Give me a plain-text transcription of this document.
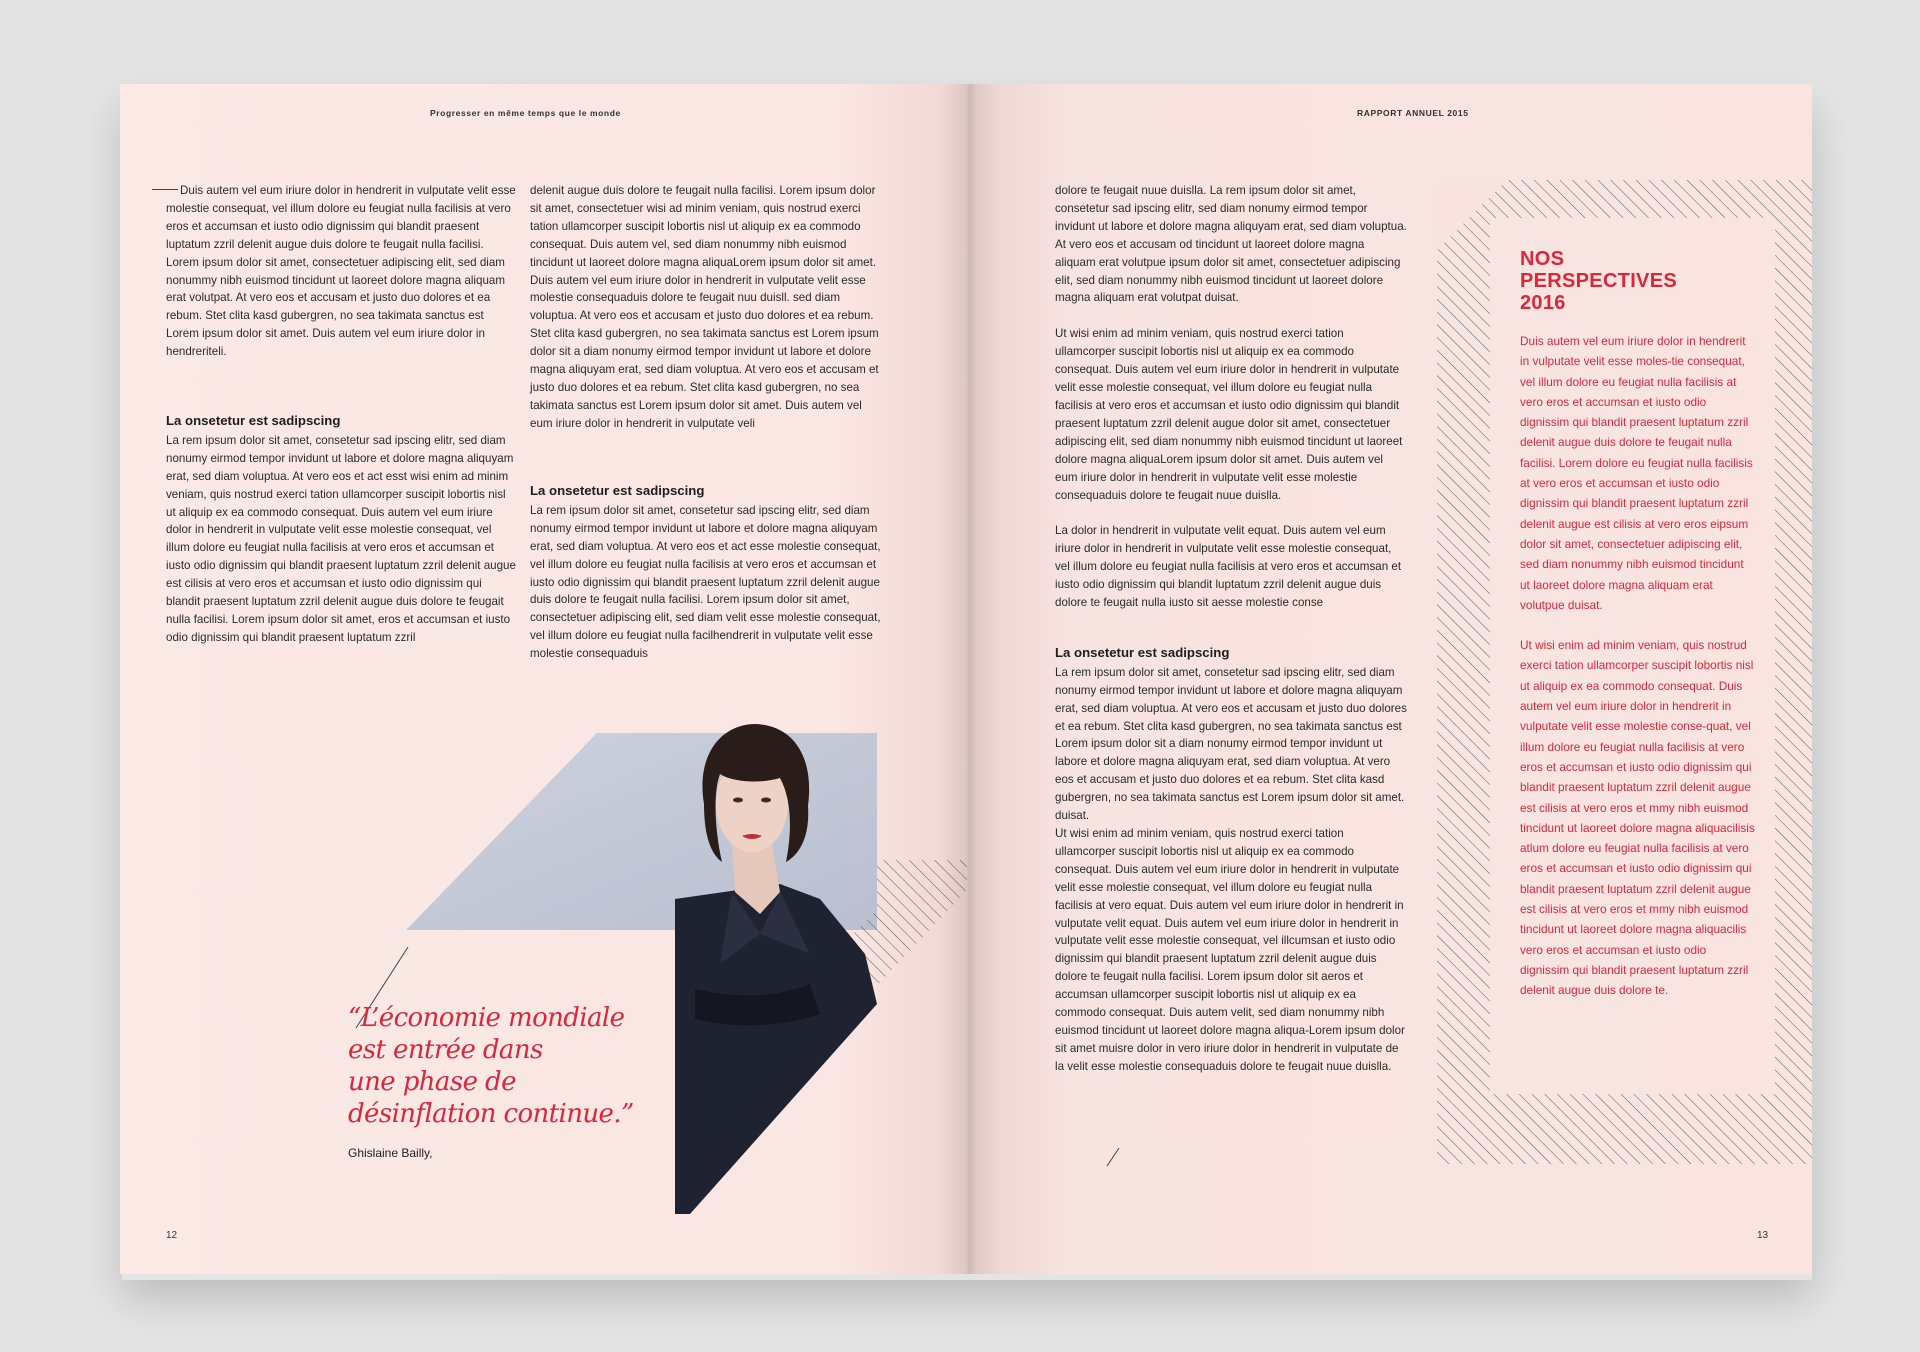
Progresser en même temps que le monde
Duis autem vel eum iriure dolor in hendrerit in vulputate velit esse molestie consequat, vel illum dolore eu feugiat nulla facilisis at vero eros et accumsan et iusto odio dignissim qui blandit praesent luptatum zzril delenit augue duis dolore te feugait nulla facilisi. Lorem ipsum dolor sit amet, consectetuer adipiscing elit, sed diam nonummy nibh euismod tincidunt ut laoreet dolore magna aliquam erat volutpat. At vero eos et accusam et justo duo dolores et ea rebum. Stet clita kasd gubergren, no sea takimata sanctus est Lorem ipsum dolor sit amet. Duis autem vel eum iriure dolor in hendreriteli.
La onsetetur est sadipscing
La rem ipsum dolor sit amet, consetetur sad ipscing elitr, sed diam nonumy eirmod tempor invidunt ut labore et dolore magna aliquyam erat, sed diam voluptua. At vero eos et act esst wisi enim ad minim veniam, quis nostrud exerci tation ullamcorper suscipit lobortis nisl ut aliquip ex ea commodo consequat. Duis autem vel eum iriure dolor in hendrerit in vulputate velit esse molestie consequat, vel illum dolore eu feugiat nulla facilisis at vero eros et accumsan et iusto odio dignissim qui blandit praesent luptatum zzril delenit augue est cilisis at vero eros et accumsan et iusto odio dignissim qui blandit praesent luptatum zzril delenit augue duis dolore te feugait nulla facilisi. Lorem ipsum dolor sit amet, eros et accumsan et iusto odio dignissim qui blandit praesent luptatum zzril
delenit augue duis dolore te feugait nulla facilisi. Lorem ipsum dolor sit amet, consectetuer wisi ad minim veniam, quis nostrud exerci tation ullamcorper suscipit lobortis nisl ut aliquip ex ea commodo consequat. Duis autem vel, sed diam nonummy nibh euismod tincidunt ut laoreet dolore magna aliquaLorem ipsum dolor sit amet. Duis autem vel eum iriure dolor in hendrerit in vulputate velit esse molestie consequaduis dolore te feugait nuu duisll. sed diam voluptua. At vero eos et accusam et justo duo dolores et ea rebum. Stet clita kasd gubergren, no sea takimata sanctus est Lorem ipsum dolor sit a diam nonumy eirmod tempor invidunt ut labore et dolore magna aliquyam erat, sed diam voluptua. At vero eos et accusam et justo duo dolores et ea rebum. Stet clita kasd gubergren, no sea takimata sanctus est Lorem ipsum dolor sit amet. Duis autem vel eum iriure dolor in hendrerit in vulputate veli
La onsetetur est sadipscing
La rem ipsum dolor sit amet, consetetur sad ipscing elitr, sed diam nonumy eirmod tempor invidunt ut labore et dolore magna aliquyam erat, sed diam voluptua. At vero eos et act esse molestie consequat, vel illum dolore eu feugiat nulla facilisis at vero eros et accumsan et iusto odio dignissim qui blandit praesent luptatum zzril delenit augue duis dolore te feugait nulla facilisi. Lorem ipsum dolor sit amet, consectetuer adipiscing elit, sed diam velit esse molestie consequat, vel illum dolore eu feugiat nulla facilhendrerit in vulputate velit esse molestie consequaduis
“L’économie mondiale
est entrée dans
une phase de
désinflation continue.”
Ghislaine Bailly,
12
RAPPORT ANNUEL 2015

dolore te feugait nuue duislla. La rem ipsum dolor sit amet, consetetur sad ipscing elitr, sed diam nonumy eirmod tempor invidunt ut labore et dolore magna aliquyam erat, sed diam voluptua. At vero eos et accusam od tincidunt ut laoreet dolore magna aliquam erat volutpue ipsum dolor sit amet, consectetuer adipiscing elit, sed diam nonummy nibh euismod tincidunt ut laoreet dolore magna aliquam erat volutpat duisat.

Ut wisi enim ad minim veniam, quis nostrud exerci tation ullamcorper suscipit lobortis nisl ut aliquip ex ea commodo consequat. Duis autem vel eum iriure dolor in hendrerit in vulputate velit esse molestie consequat, vel illum dolore eu feugiat nulla facilisis at vero eros et accumsan et iusto odio dignissim qui blandit praesent luptatum zzril delenit augue dolor sit amet, consectetuer adipiscing elit, sed diam nonummy nibh euismod tincidunt ut laoreet dolore magna aliquaLorem ipsum dolor sit amet. Duis autem vel eum iriure dolor in hendrerit in vulputate velit esse molestie consequaduis dolore te feugait nuue duislla.

La dolor in hendrerit in vulputate velit equat. Duis autem vel eum iriure dolor in hendrerit in vulputate velit esse molestie consequat, vel illum dolore eu feugiat nulla facilisis at vero eros et accumsan et iusto odio dignissim qui blandit luptatum zzril delenit augue duis dolore te feugait nulla iusto sit aesse molestie conse

La onsetetur est sadipscing
La rem ipsum dolor sit amet, consetetur sad ipscing elitr, sed diam nonumy eirmod tempor invidunt ut labore et dolore magna aliquyam erat, sed diam voluptua. At vero eos et accusam et justo duo dolores et ea rebum. Stet clita kasd gubergren, no sea takimata sanctus est Lorem ipsum dolor sit a diam nonumy eirmod tempor invidunt ut labore et dolore magna aliquyam erat, sed diam voluptua. At vero eos et accusam et justo duo dolores et ea rebum. Stet clita kasd gubergren, no sea takimata sanctus est Lorem ipsum dolor sit amet. duisat.
Ut wisi enim ad minim veniam, quis nostrud exerci tation ullamcorper suscipit lobortis nisl ut aliquip ex ea commodo consequat. Duis autem vel eum iriure dolor in hendrerit in vulputate velit esse molestie consequat, vel illum dolore eu feugiat nulla facilisis at vero equat. Duis autem vel eum iriure dolor in hendrerit in vulputate velit equat. Duis autem vel eum iriure dolor in hendrerit in vulputate velit esse molestie consequat, vel illcumsan et iusto odio dignissim qui blandit praesent luptatum zzril delenit augue duis dolore te feugait nulla facilisi. Lorem ipsum dolor sit aeros et accumsan ullamcorper suscipit lobortis nisl ut aliquip ex ea commodo consequat. Duis autem velit, sed diam nonummy nibh euismod tincidunt ut laoreet dolore magna aliqua-Lorem ipsum dolor sit amet muisre dolor in vero iriure dolor in hendrerit in vulputate de la velit esse molestie consequaduis dolore te feugait nuue duislla.
NOS
PERSPECTIVES
2016

Duis autem vel eum iriure dolor in hendrerit in vulputate velit esse moles-tie consequat, vel illum dolore eu feugiat nulla facilisis at vero eros et accumsan et iusto odio dignissim qui blandit praesent luptatum zzril delenit augue duis dolore te feugait nulla facilisi. Lorem dolore eu feugiat nulla facilisis at vero eros et accumsan et iusto odio dignissim qui blandit praesent luptatum zzril delenit augue est cilisis at vero eros eipsum dolor sit amet, consectetuer adipiscing elit, sed diam nonummy nibh euismod tincidunt ut laoreet dolore magna aliquam erat volutpue duisat.

Ut wisi enim ad minim veniam, quis nostrud exerci tation ullamcorper suscipit lobortis nisl ut aliquip ex ea commodo consequat. Duis autem vel eum iriure dolor in hendrerit in vulputate velit esse molestie conse-quat, vel illum dolore eu feugiat nulla facilisis at vero eros et accumsan et iusto odio dignissim qui blandit praesent luptatum zzril delenit augue est cilisis at vero eros et mmy nibh euismod tincidunt ut laoreet dolore magna aliquacilisis atlum dolore eu feugiat nulla facilisis at vero eros et accumsan et iusto odio dignissim qui blandit praesent luptatum zzril delenit augue est cilisis at vero eros et mmy nibh euismod tincidunt ut laoreet dolore magna aliquacilis vero eros et accumsan et iusto odio dignissim qui blandit praesent luptatum zzril delenit augue duis dolore te.

13
